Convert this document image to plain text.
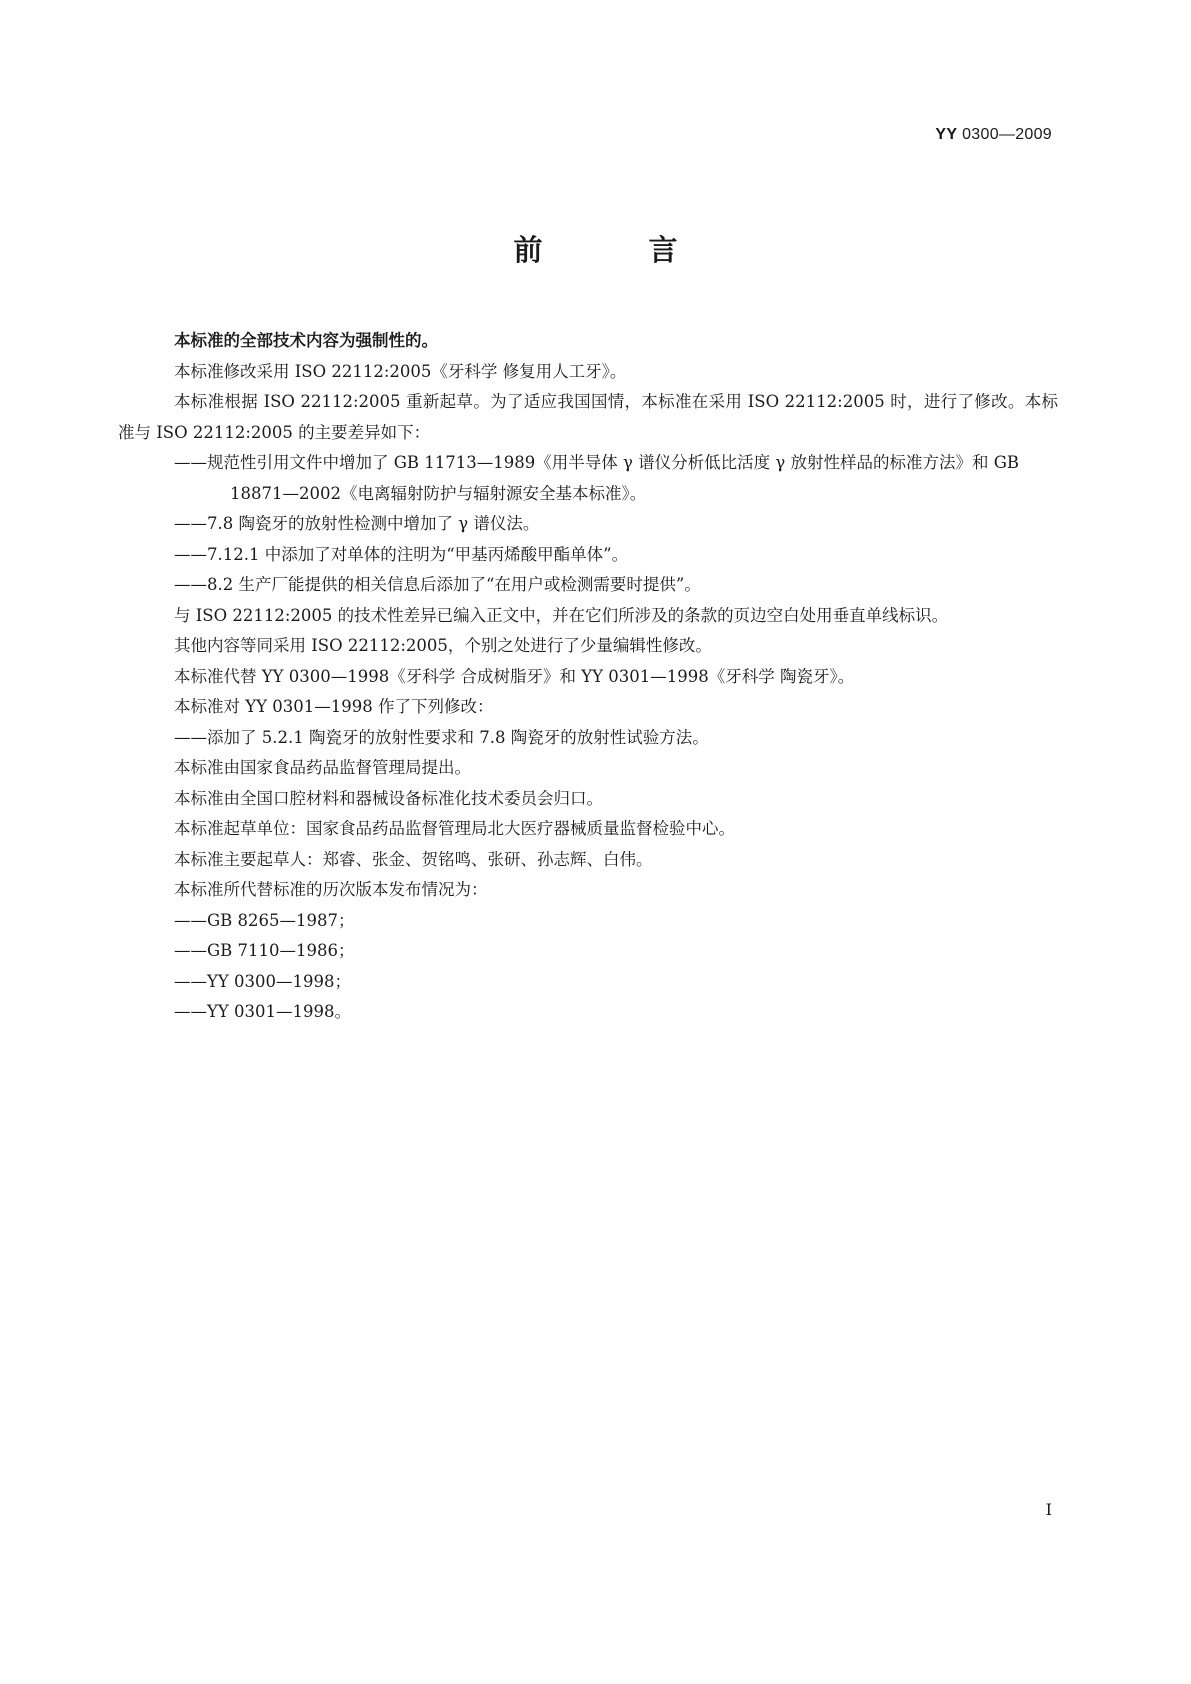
YY 0300—2009
前 言

本标准的全部技术内容为强制性的。

本标准修改采用 ISO 22112:2005《牙科学 修复用人工牙》。

本标准根据 ISO 22112:2005 重新起草。为了适应我国国情，本标准在采用 ISO 22112:2005 时，进行了修改。本标准与 ISO 22112:2005 的主要差异如下：

——规范性引用文件中增加了 GB 11713—1989《用半导体 γ 谱仪分析低比活度 γ 放射性样品的标准方法》和 GB 18871—2002《电离辐射防护与辐射源安全基本标准》。

——7.8 陶瓷牙的放射性检测中增加了 γ 谱仪法。

——7.12.1 中添加了对单体的注明为“甲基丙烯酸甲酯单体”。

——8.2 生产厂能提供的相关信息后添加了“在用户或检测需要时提供”。

与 ISO 22112:2005 的技术性差异已编入正文中，并在它们所涉及的条款的页边空白处用垂直单线标识。

其他内容等同采用 ISO 22112:2005，个别之处进行了少量编辑性修改。

本标准代替 YY 0300—1998《牙科学 合成树脂牙》和 YY 0301—1998《牙科学 陶瓷牙》。

本标准对 YY 0301—1998 作了下列修改：

——添加了 5.2.1 陶瓷牙的放射性要求和 7.8 陶瓷牙的放射性试验方法。

本标准由国家食品药品监督管理局提出。

本标准由全国口腔材料和器械设备标准化技术委员会归口。

本标准起草单位：国家食品药品监督管理局北大医疗器械质量监督检验中心。

本标准主要起草人：郑睿、张金、贺铭鸣、张研、孙志辉、白伟。

本标准所代替标准的历次版本发布情况为：

——GB 8265—1987；

——GB 7110—1986；

——YY 0300—1998；

——YY 0301—1998。

I
